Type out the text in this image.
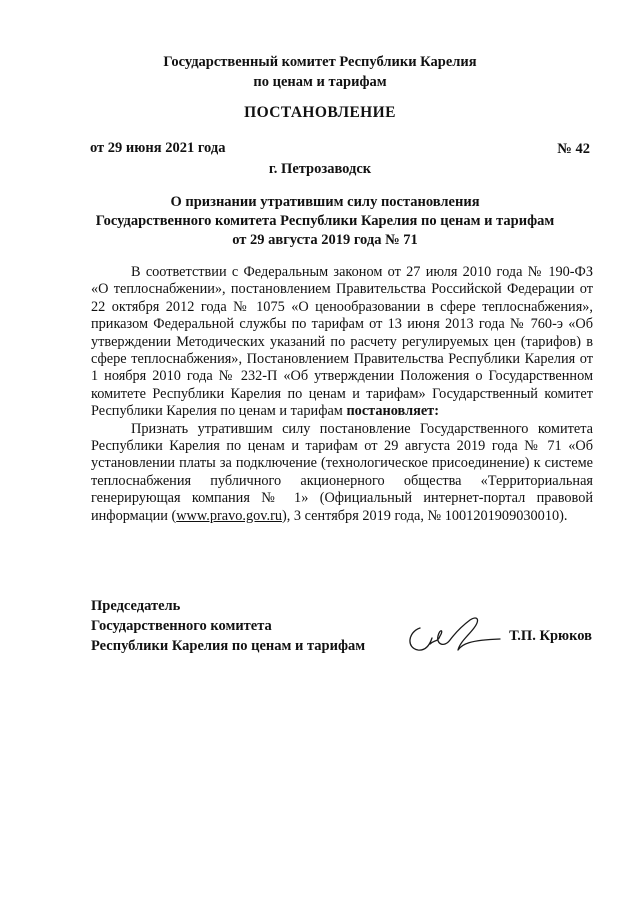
Государственный комитет Республики Карелия
по ценам и тарифам
ПОСТАНОВЛЕНИЕ
от 29 июня 2021 года	№ 42
г. Петрозаводск
О признании утратившим силу постановления
Государственного комитета Республики Карелия по ценам и тарифам
от 29 августа 2019 года № 71

В соответствии с Федеральным законом от 27 июля 2010 года № 190-ФЗ «О теплоснабжении», постановлением Правительства Российской Федерации от 22 октября 2012 года № 1075 «О ценообразовании в сфере теплоснабжения», приказом Федеральной службы по тарифам от 13 июня 2013 года № 760-э «Об утверждении Методических указаний по расчету регулируемых цен (тарифов) в сфере теплоснабжения», Постановлением Правительства Республики Карелия от 1 ноября 2010 года № 232-П «Об утверждении Положения о Государственном комитете Республики Карелия по ценам и тарифам» Государственный комитет Республики Карелия по ценам и тарифам постановляет:

Признать утратившим силу постановление Государственного комитета Республики Карелия по ценам и тарифам от 29 августа 2019 года № 71 «Об установлении платы за подключение (технологическое присоединение) к системе теплоснабжения публичного акционерного общества «Территориальная генерирующая компания № 1» (Официальный интернет-портал правовой информации (www.pravo.gov.ru), 3 сентября 2019 года, № 1001201909030010).

Председатель
Государственного комитета
Республики Карелия по ценам и тарифам
Т.П. Крюков
